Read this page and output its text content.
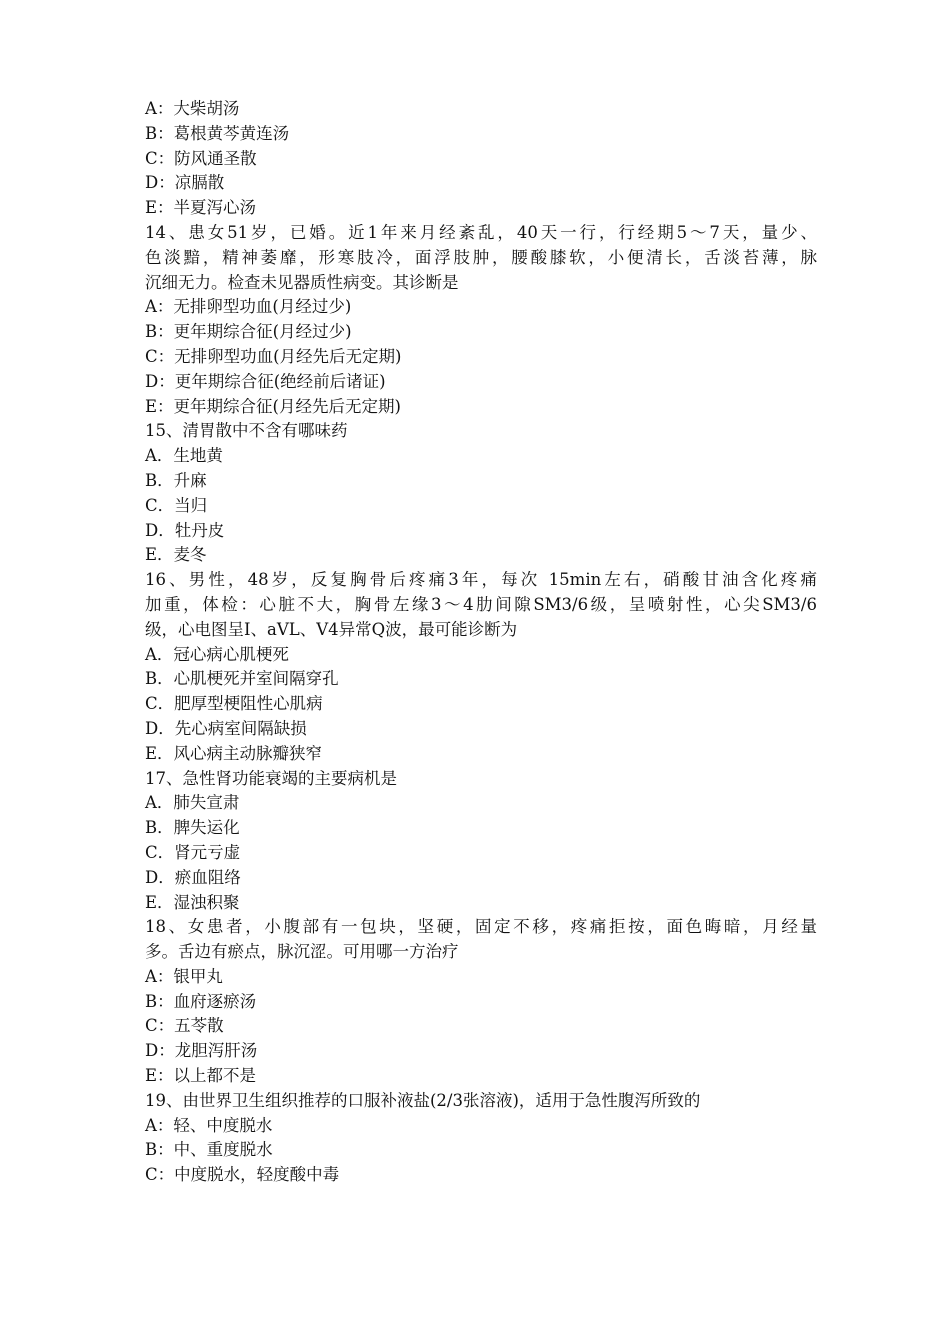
A：大柴胡汤
B：葛根黄芩黄连汤
C：防风通圣散
D：凉膈散
E：半夏泻心汤
14、患女51岁，已婚。近1年来月经紊乱，40天一行，行经期5～7天，量少、
色淡黯，精神萎靡，形寒肢冷，面浮肢肿，腰酸膝软，小便清长，舌淡苔薄，脉
沉细无力。检查未见器质性病变。其诊断是
A：无排卵型功血(月经过少)
B：更年期综合征(月经过少)
C：无排卵型功血(月经先后无定期)
D：更年期综合征(绝经前后诸证)
E：更年期综合征(月经先后无定期)
15、清胃散中不含有哪味药
A．生地黄
B．升麻
C．当归
D．牡丹皮
E．麦冬
16、男性，48岁，反复胸骨后疼痛3年，每次 15min左右，硝酸甘油含化疼痛
加重，体检：心脏不大，胸骨左缘3～4肋间隙SM3/6级，呈喷射性，心尖SM3/6
级，心电图呈Ⅰ、aVL、V4异常Q波，最可能诊断为
A．冠心病心肌梗死
B．心肌梗死并室间隔穿孔
C．肥厚型梗阻性心肌病
D．先心病室间隔缺损
E．风心病主动脉瓣狭窄
17、急性肾功能衰竭的主要病机是
A．肺失宣肃
B．脾失运化
C．肾元亏虚
D．瘀血阻络
E．湿浊积聚
18、女患者，小腹部有一包块，坚硬，固定不移，疼痛拒按，面色晦暗，月经量
多。舌边有瘀点，脉沉涩。可用哪一方治疗
A：银甲丸
B：血府逐瘀汤
C：五苓散
D：龙胆泻肝汤
E：以上都不是
19、由世界卫生组织推荐的口服补液盐(2/3张溶液)，适用于急性腹泻所致的
A：轻、中度脱水
B：中、重度脱水
C：中度脱水，轻度酸中毒
